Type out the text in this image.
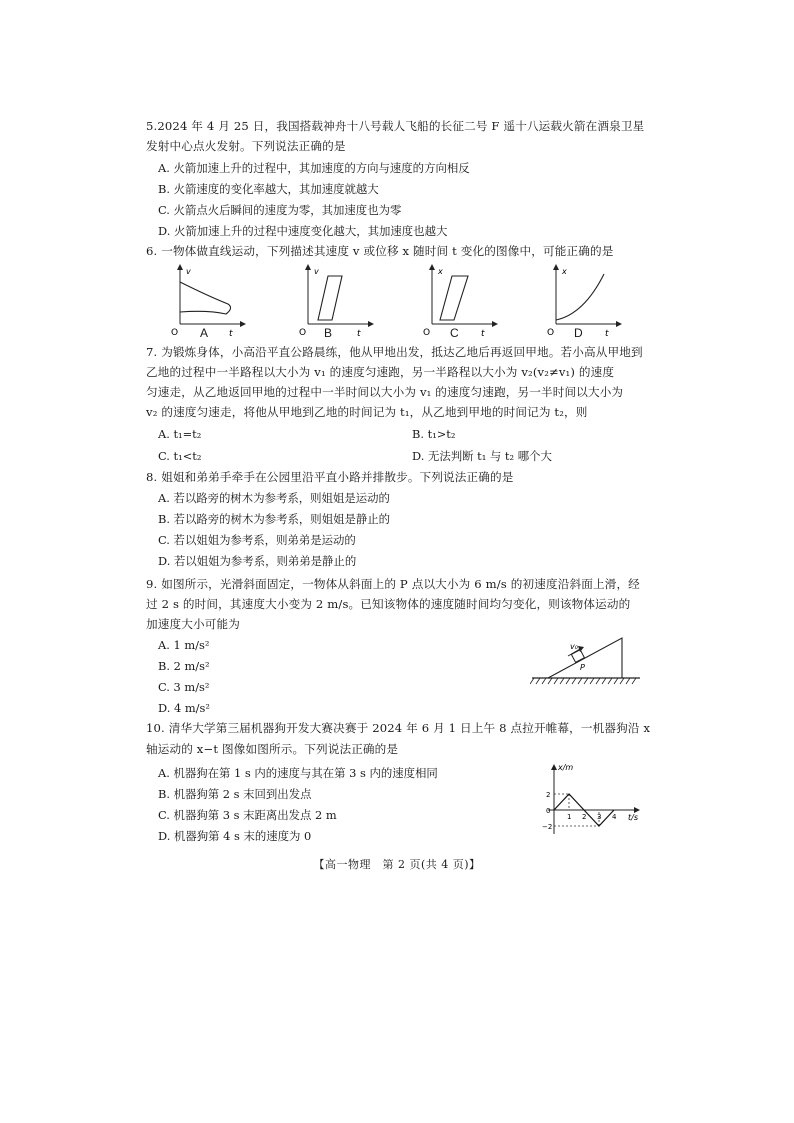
5.2024 年 4 月 25 日，我国搭载神舟十八号载人飞船的长征二号 F 遥十八运载火箭在酒泉卫星
发射中心点火发射。下列说法正确的是
A. 火箭加速上升的过程中，其加速度的方向与速度的方向相反
B. 火箭速度的变化率越大，其加速度就越大
C. 火箭点火后瞬间的速度为零，其加速度也为零
D. 火箭加速上升的过程中速度变化越大，其加速度也越大
6. 一物体做直线运动，下列描述其速度 v 或位移 x 随时间 t 变化的图像中，可能正确的是
v
O	t
A
v
O	t
B
x
O	t
C
x
O	t
D
7. 为锻炼身体，小高沿平直公路晨练，他从甲地出发，抵达乙地后再返回甲地。若小高从甲地到
乙地的过程中一半路程以大小为 v₁ 的速度匀速跑，另一半路程以大小为 v₂(v₂≠v₁) 的速度
匀速走，从乙地返回甲地的过程中一半时间以大小为 v₁ 的速度匀速跑，另一半时间以大小为
v₂ 的速度匀速走，将他从甲地到乙地的时间记为 t₁，从乙地到甲地的时间记为 t₂，则
A. t₁=t₂	B. t₁>t₂
C. t₁<t₂	D. 无法判断 t₁ 与 t₂ 哪个大
8. 姐姐和弟弟手牵手在公园里沿平直小路并排散步。下列说法正确的是
A. 若以路旁的树木为参考系，则姐姐是运动的
B. 若以路旁的树木为参考系，则姐姐是静止的
C. 若以姐姐为参考系，则弟弟是运动的
D. 若以姐姐为参考系，则弟弟是静止的
9. 如图所示，光滑斜面固定，一物体从斜面上的 P 点以大小为 6 m/s 的初速度沿斜面上滑，经
过 2 s 的时间，其速度大小变为 2 m/s。已知该物体的速度随时间均匀变化，则该物体运动的
加速度大小可能为
A. 1 m/s²
B. 2 m/s²
C. 3 m/s²
D. 4 m/s²
v₀
P
10. 清华大学第三届机器狗开发大赛决赛于 2024 年 6 月 1 日上午 8 点拉开帷幕，一机器狗沿 x
轴运动的 x−t 图像如图所示。下列说法正确的是
A. 机器狗在第 1 s 内的速度与其在第 3 s 内的速度相同
B. 机器狗第 2 s 末回到出发点
C. 机器狗第 3 s 末距离出发点 2 m
D. 机器狗第 4 s 末的速度为 0
1 2 3 4
2
0
−2
x/m
t/s
【高一物理　第 2 页(共 4 页)】
